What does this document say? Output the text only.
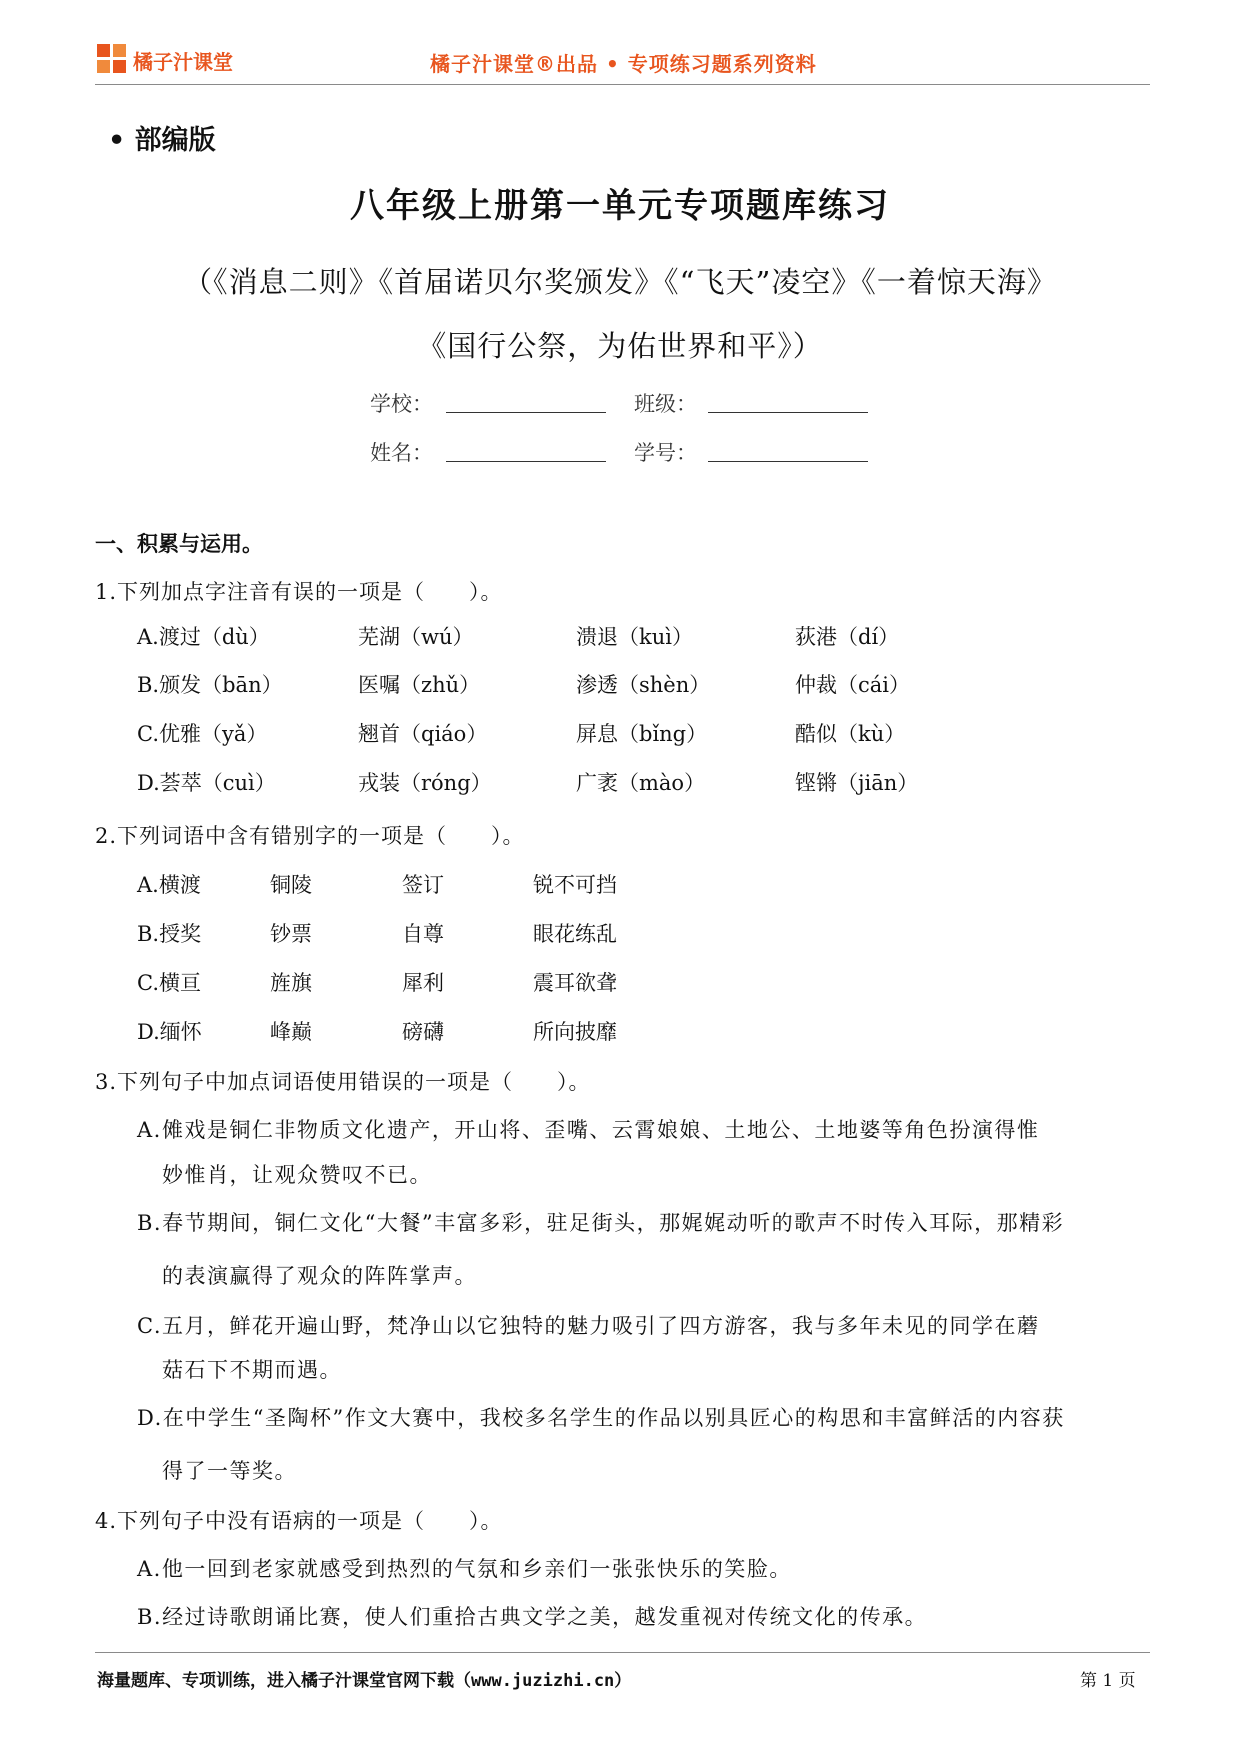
橘子汁课堂	橘子汁课堂®出品 • 专项练习题系列资料
• 部编版
八年级上册第一单元专项题库练习
（《消息二则》《首届诺贝尔奖颁发》《“飞天”凌空》《一着惊天海》
《国行公祭，为佑世界和平》）
学校：	班级：
姓名：	学号：
一、积累与运用。
1.下列加点字注音有误的一项是（　　）。
A.渡过（dù）	芜湖（wú）	溃退（kuì）	荻港（dí）
B.颁发（bān）	医嘱（zhǔ）	渗透（shèn）	仲裁（cái）
C.优雅（yǎ）	翘首（qiáo）	屏息（bǐng）	酷似（kù）
D.荟萃（cuì）	戎装（róng）	广袤（mào）	铿锵（jiān）
2.下列词语中含有错别字的一项是（　　）。
A.横渡	铜陵	签订	锐不可挡
B.授奖	钞票	自尊	眼花练乱
C.横亘	旌旗	犀利	震耳欲聋
D.缅怀	峰巅	磅礴	所向披靡
3.下列句子中加点词语使用错误的一项是（　　）。
A.傩戏是铜仁非物质文化遗产，开山将、歪嘴、云霄娘娘、土地公、土地婆等角色扮演得惟
妙惟肖，让观众赞叹不已。
B.春节期间，铜仁文化“大餐”丰富多彩，驻足街头，那娓娓动听的歌声不时传入耳际，那精彩
的表演赢得了观众的阵阵掌声。
C.五月，鲜花开遍山野，梵净山以它独特的魅力吸引了四方游客，我与多年未见的同学在蘑
菇石下不期而遇。
D.在中学生“圣陶杯”作文大赛中，我校多名学生的作品以别具匠心的构思和丰富鲜活的内容获
得了一等奖。
4.下列句子中没有语病的一项是（　　）。
A.他一回到老家就感受到热烈的气氛和乡亲们一张张快乐的笑脸。
B.经过诗歌朗诵比赛，使人们重拾古典文学之美，越发重视对传统文化的传承。
海量题库、专项训练，进入橘子汁课堂官网下载（www.juzizhi.cn）	第 1 页
